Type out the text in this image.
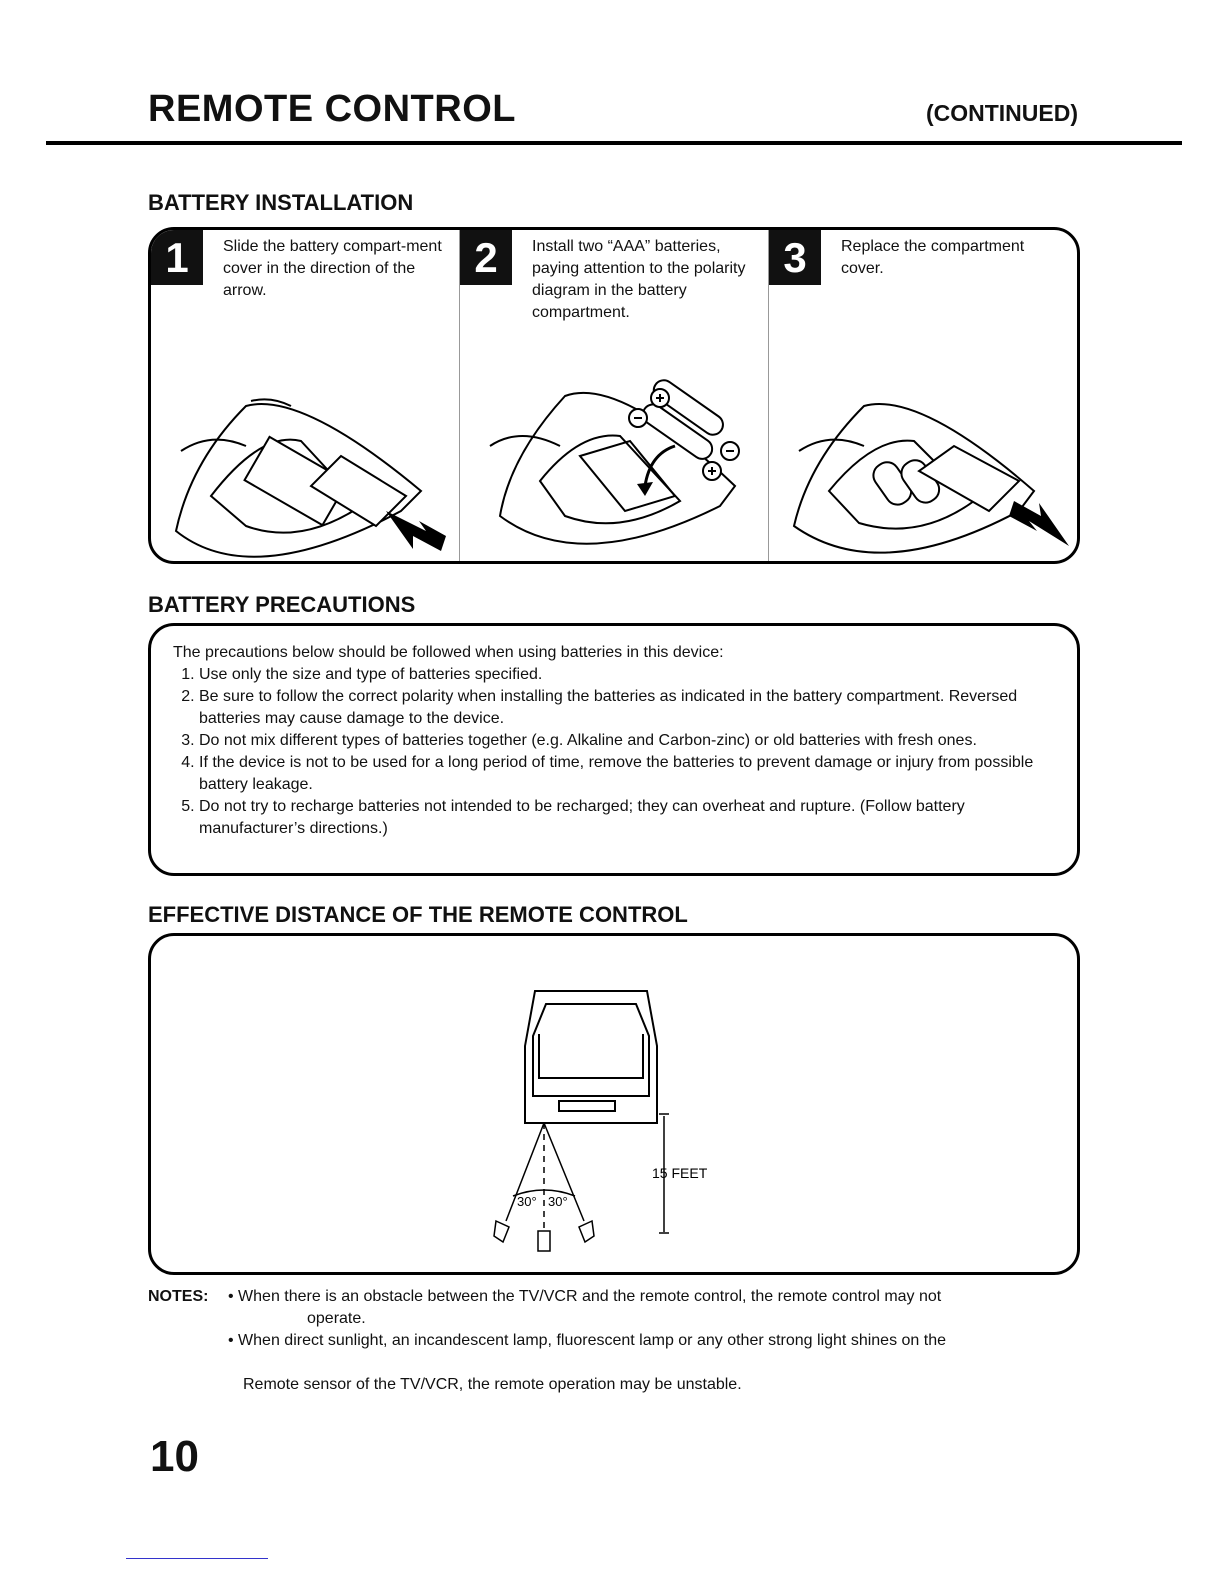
REMOTE CONTROL	(CONTINUED)
BATTERY INSTALLATION
1	Slide the battery compart-ment cover in the direction of the arrow.
2	Install two “AAA” batteries, paying attention to the polarity diagram in the battery compartment.
3	Replace the compartment cover.
BATTERY PRECAUTIONS
The precautions below should be followed when using batteries in this device:
1. Use only the size and type of batteries specified.
2. Be sure to follow the correct polarity when installing the batteries as indicated in the battery compartment. Reversed batteries may cause damage to the device.
3. Do not mix different types of batteries together (e.g. Alkaline and Carbon-zinc) or old batteries with fresh ones.
4. If the device is not to be used for a long period of time, remove the batteries to prevent damage or injury from possible battery leakage.
5. Do not try to recharge batteries not intended to be recharged; they can overheat and rupture. (Follow battery manufacturer’s directions.)
EFFECTIVE DISTANCE OF THE REMOTE CONTROL
15 FEET
30° 30°
NOTES: • When there is an obstacle between the TV/VCR and the remote control, the remote control may not
operate.
• When direct sunlight, an incandescent lamp, fluorescent lamp or any other strong light shines on the
Remote sensor of the TV/VCR, the remote operation may be unstable.
10
